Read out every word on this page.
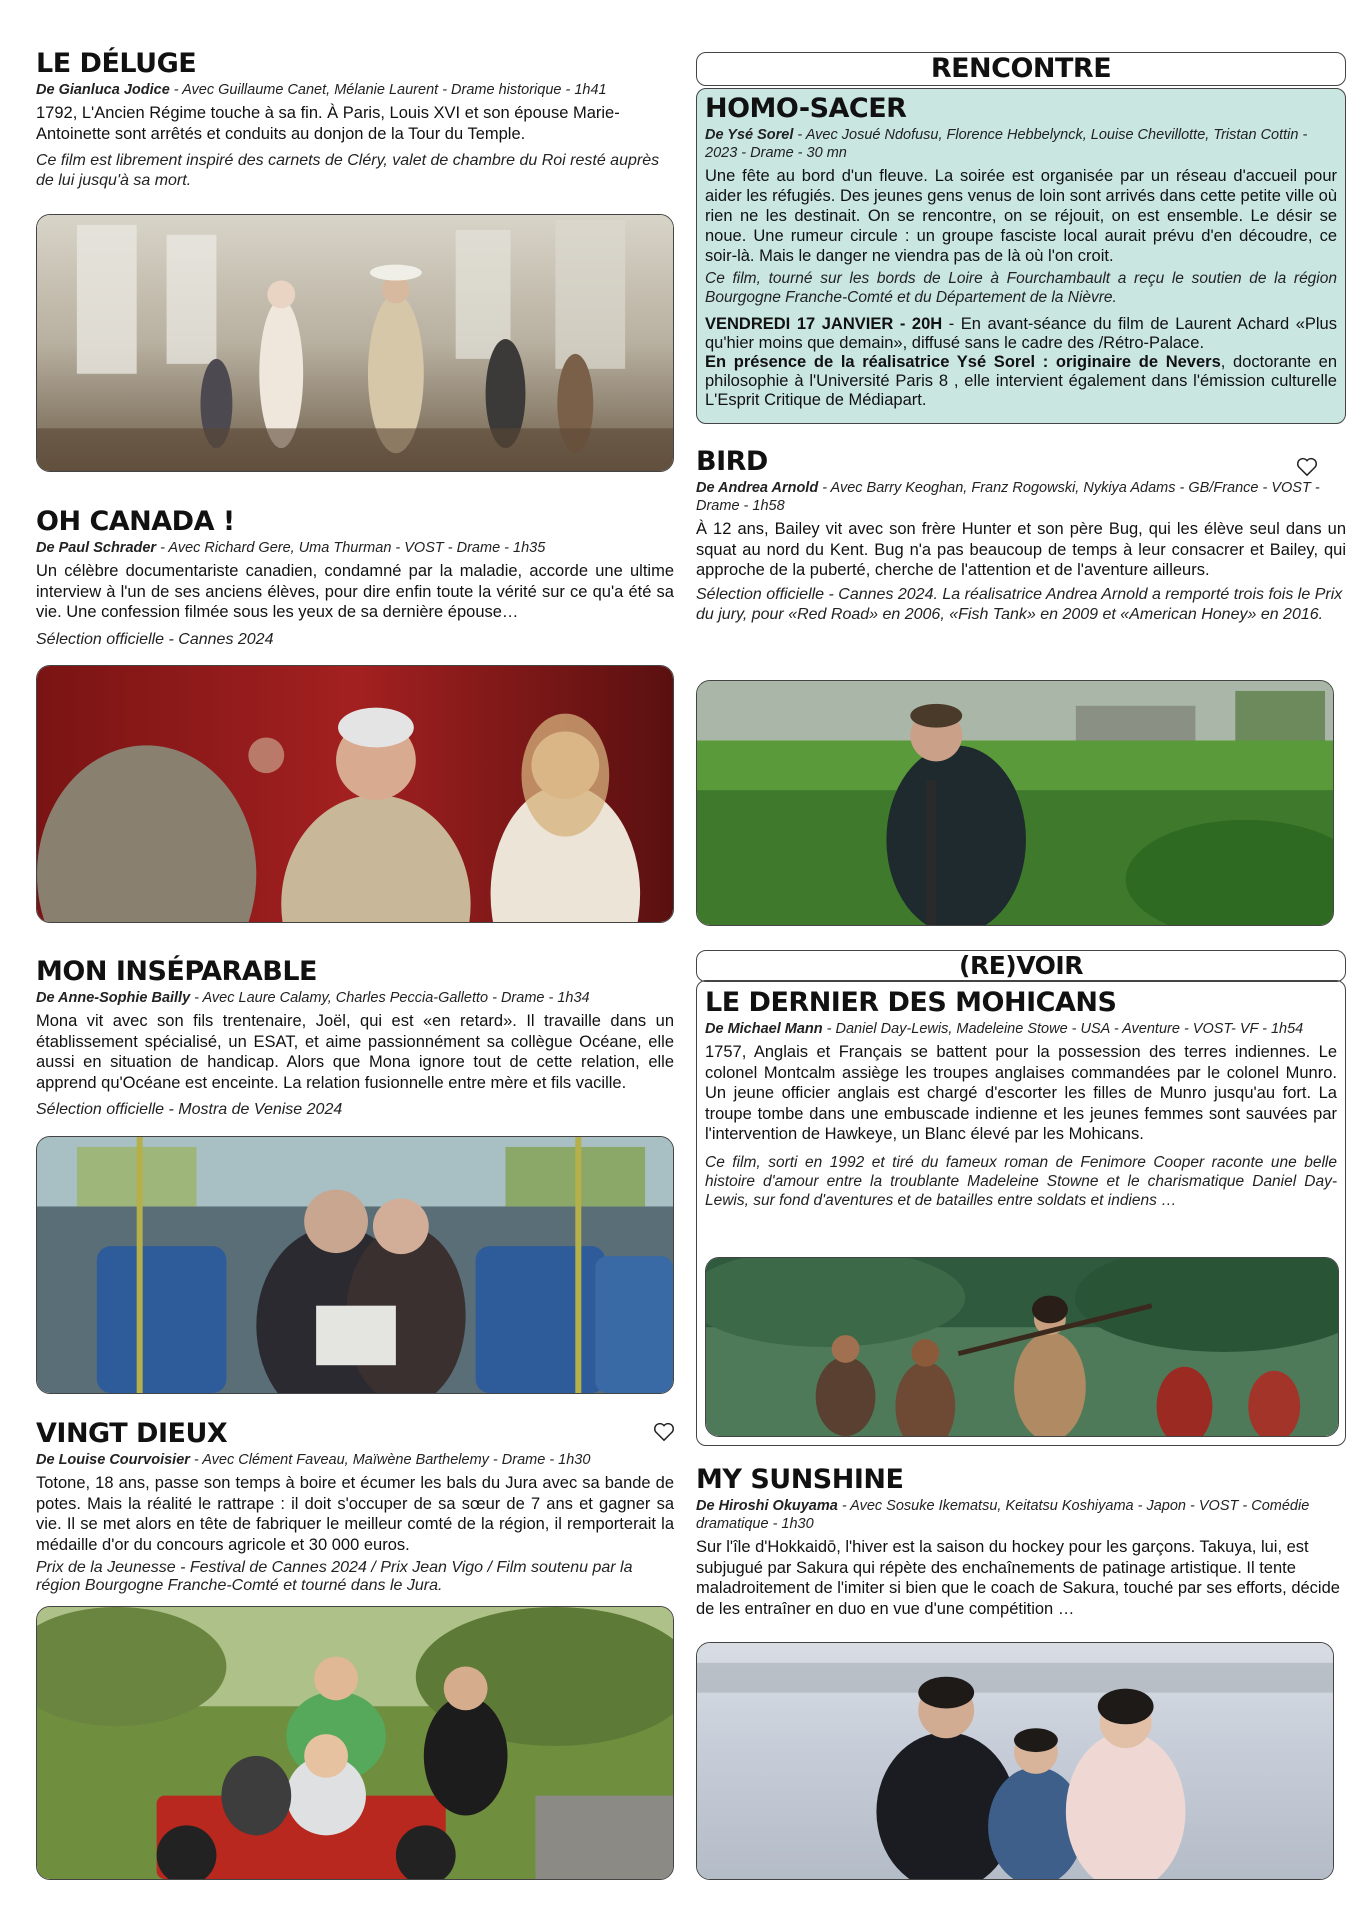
LE DÉLUGE
De Gianluca Jodice - Avec Guillaume Canet, Mélanie Laurent - Drame historique - 1h41
1792, L'Ancien Régime touche à sa fin. À Paris, Louis XVI et son épouse Marie-Antoinette sont arrêtés et conduits au donjon de la Tour du Temple.
Ce film est librement inspiré des carnets de Cléry, valet de chambre du Roi resté auprès de lui jusqu'à sa mort.
OH CANADA !
De Paul Schrader - Avec Richard Gere, Uma Thurman - VOST - Drame - 1h35
Un célèbre documentariste canadien, condamné par la maladie, accorde une ultime interview à l'un de ses anciens élèves, pour dire enfin toute la vérité sur ce qu'a été sa vie. Une confession filmée sous les yeux de sa dernière épouse…
Sélection officielle - Cannes 2024
MON INSÉPARABLE
De Anne-Sophie Bailly - Avec Laure Calamy, Charles Peccia-Galletto - Drame - 1h34
Mona vit avec son fils trentenaire, Joël, qui est «en retard». Il travaille dans un établissement spécialisé, un ESAT, et aime passionnément sa collègue Océane, elle aussi en situation de handicap. Alors que Mona ignore tout de cette relation, elle apprend qu'Océane est enceinte. La relation fusionnelle entre mère et fils vacille.
Sélection officielle - Mostra de Venise 2024
VINGT DIEUX
De Louise Courvoisier - Avec Clément Faveau, Maïwène Barthelemy - Drame - 1h30
Totone, 18 ans, passe son temps à boire et écumer les bals du Jura avec sa bande de potes. Mais la réalité le rattrape : il doit s'occuper de sa sœur de 7 ans et gagner sa vie. Il se met alors en tête de fabriquer le meilleur comté de la région, il remporterait la médaille d'or du concours agricole et 30 000 euros.
Prix de la Jeunesse - Festival de Cannes 2024 / Prix Jean Vigo / Film soutenu par la région Bourgogne Franche-Comté et tourné dans le Jura.
RENCONTRE
HOMO-SACER
De Ysé Sorel - Avec Josué Ndofusu, Florence Hebbelynck, Louise Chevillotte, Tristan Cottin - 2023 - Drame - 30 mn
Une fête au bord d'un fleuve. La soirée est organisée par un réseau d'accueil pour aider les réfugiés. Des jeunes gens venus de loin sont arrivés dans cette petite ville où rien ne les destinait. On se rencontre, on se réjouit, on est ensemble. Le désir se noue. Une rumeur circule : un groupe fasciste local aurait prévu d'en découdre, ce soir-là. Mais le danger ne viendra pas de là où l'on croit.
Ce film, tourné sur les bords de Loire à Fourchambault a reçu le soutien de la région Bourgogne Franche-Comté et du Département de la Nièvre.
VENDREDI 17 JANVIER - 20H - En avant-séance du film de Laurent Achard «Plus qu'hier moins que demain», diffusé sans le cadre des /Rétro-Palace.
En présence de la réalisatrice Ysé Sorel : originaire de Nevers, doctorante en philosophie à l'Université Paris 8 , elle intervient également dans l'émission culturelle L'Esprit Critique de Médiapart.
BIRD
De Andrea Arnold - Avec Barry Keoghan, Franz Rogowski, Nykiya Adams - GB/France - VOST - Drame - 1h58
À 12 ans, Bailey vit avec son frère Hunter et son père Bug, qui les élève seul dans un squat au nord du Kent. Bug n'a pas beaucoup de temps à leur consacrer et Bailey, qui approche de la puberté, cherche de l'attention et de l'aventure ailleurs.
Sélection officielle - Cannes 2024. La réalisatrice Andrea Arnold a remporté trois fois le Prix du jury, pour «Red Road» en 2006, «Fish Tank» en 2009 et «American Honey» en 2016.
(RE)VOIR
LE DERNIER DES MOHICANS
De Michael Mann - Daniel Day-Lewis, Madeleine Stowe - USA - Aventure - VOST- VF - 1h54
1757, Anglais et Français se battent pour la possession des terres indiennes. Le colonel Montcalm assiège les troupes anglaises commandées par le colonel Munro. Un jeune officier anglais est chargé d'escorter les filles de Munro jusqu'au fort. La troupe tombe dans une embuscade indienne et les jeunes femmes sont sauvées par l'intervention de Hawkeye, un Blanc élevé par les Mohicans.
Ce film, sorti en 1992 et tiré du fameux roman de Fenimore Cooper raconte une belle histoire d'amour entre la troublante Madeleine Stowne et le charismatique Daniel Day-Lewis, sur fond d'aventures et de batailles entre soldats et indiens …
MY SUNSHINE
De Hiroshi Okuyama - Avec Sosuke Ikematsu, Keitatsu Koshiyama - Japon - VOST - Comédie dramatique - 1h30
Sur l'île d'Hokkaidō, l'hiver est la saison du hockey pour les garçons. Takuya, lui, est subjugué par Sakura qui répète des enchaînements de patinage artistique. Il tente maladroitement de l'imiter si bien que le coach de Sakura, touché par ses efforts, décide de les entraîner en duo en vue d'une compétition …
